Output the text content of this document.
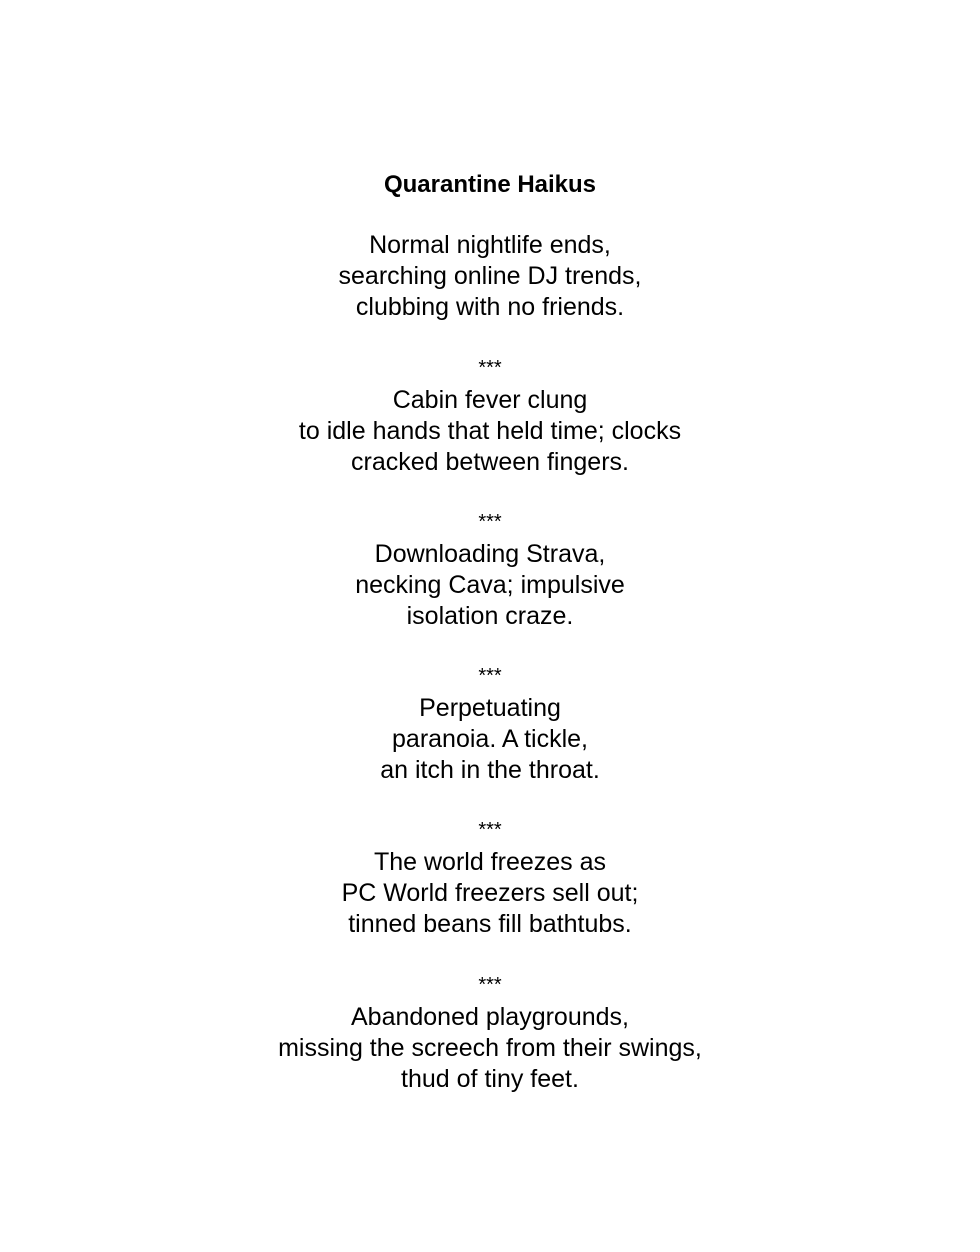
Quarantine Haikus
Normal nightlife ends,
searching online DJ trends,
clubbing with no friends.
***
Cabin fever clung
to idle hands that held time; clocks
cracked between fingers.
***
Downloading Strava,
necking Cava; impulsive
isolation craze.
***
Perpetuating
paranoia. A tickle,
an itch in the throat.
***
The world freezes as
PC World freezers sell out;
tinned beans fill bathtubs.
***
Abandoned playgrounds,
missing the screech from their swings,
thud of tiny feet.
